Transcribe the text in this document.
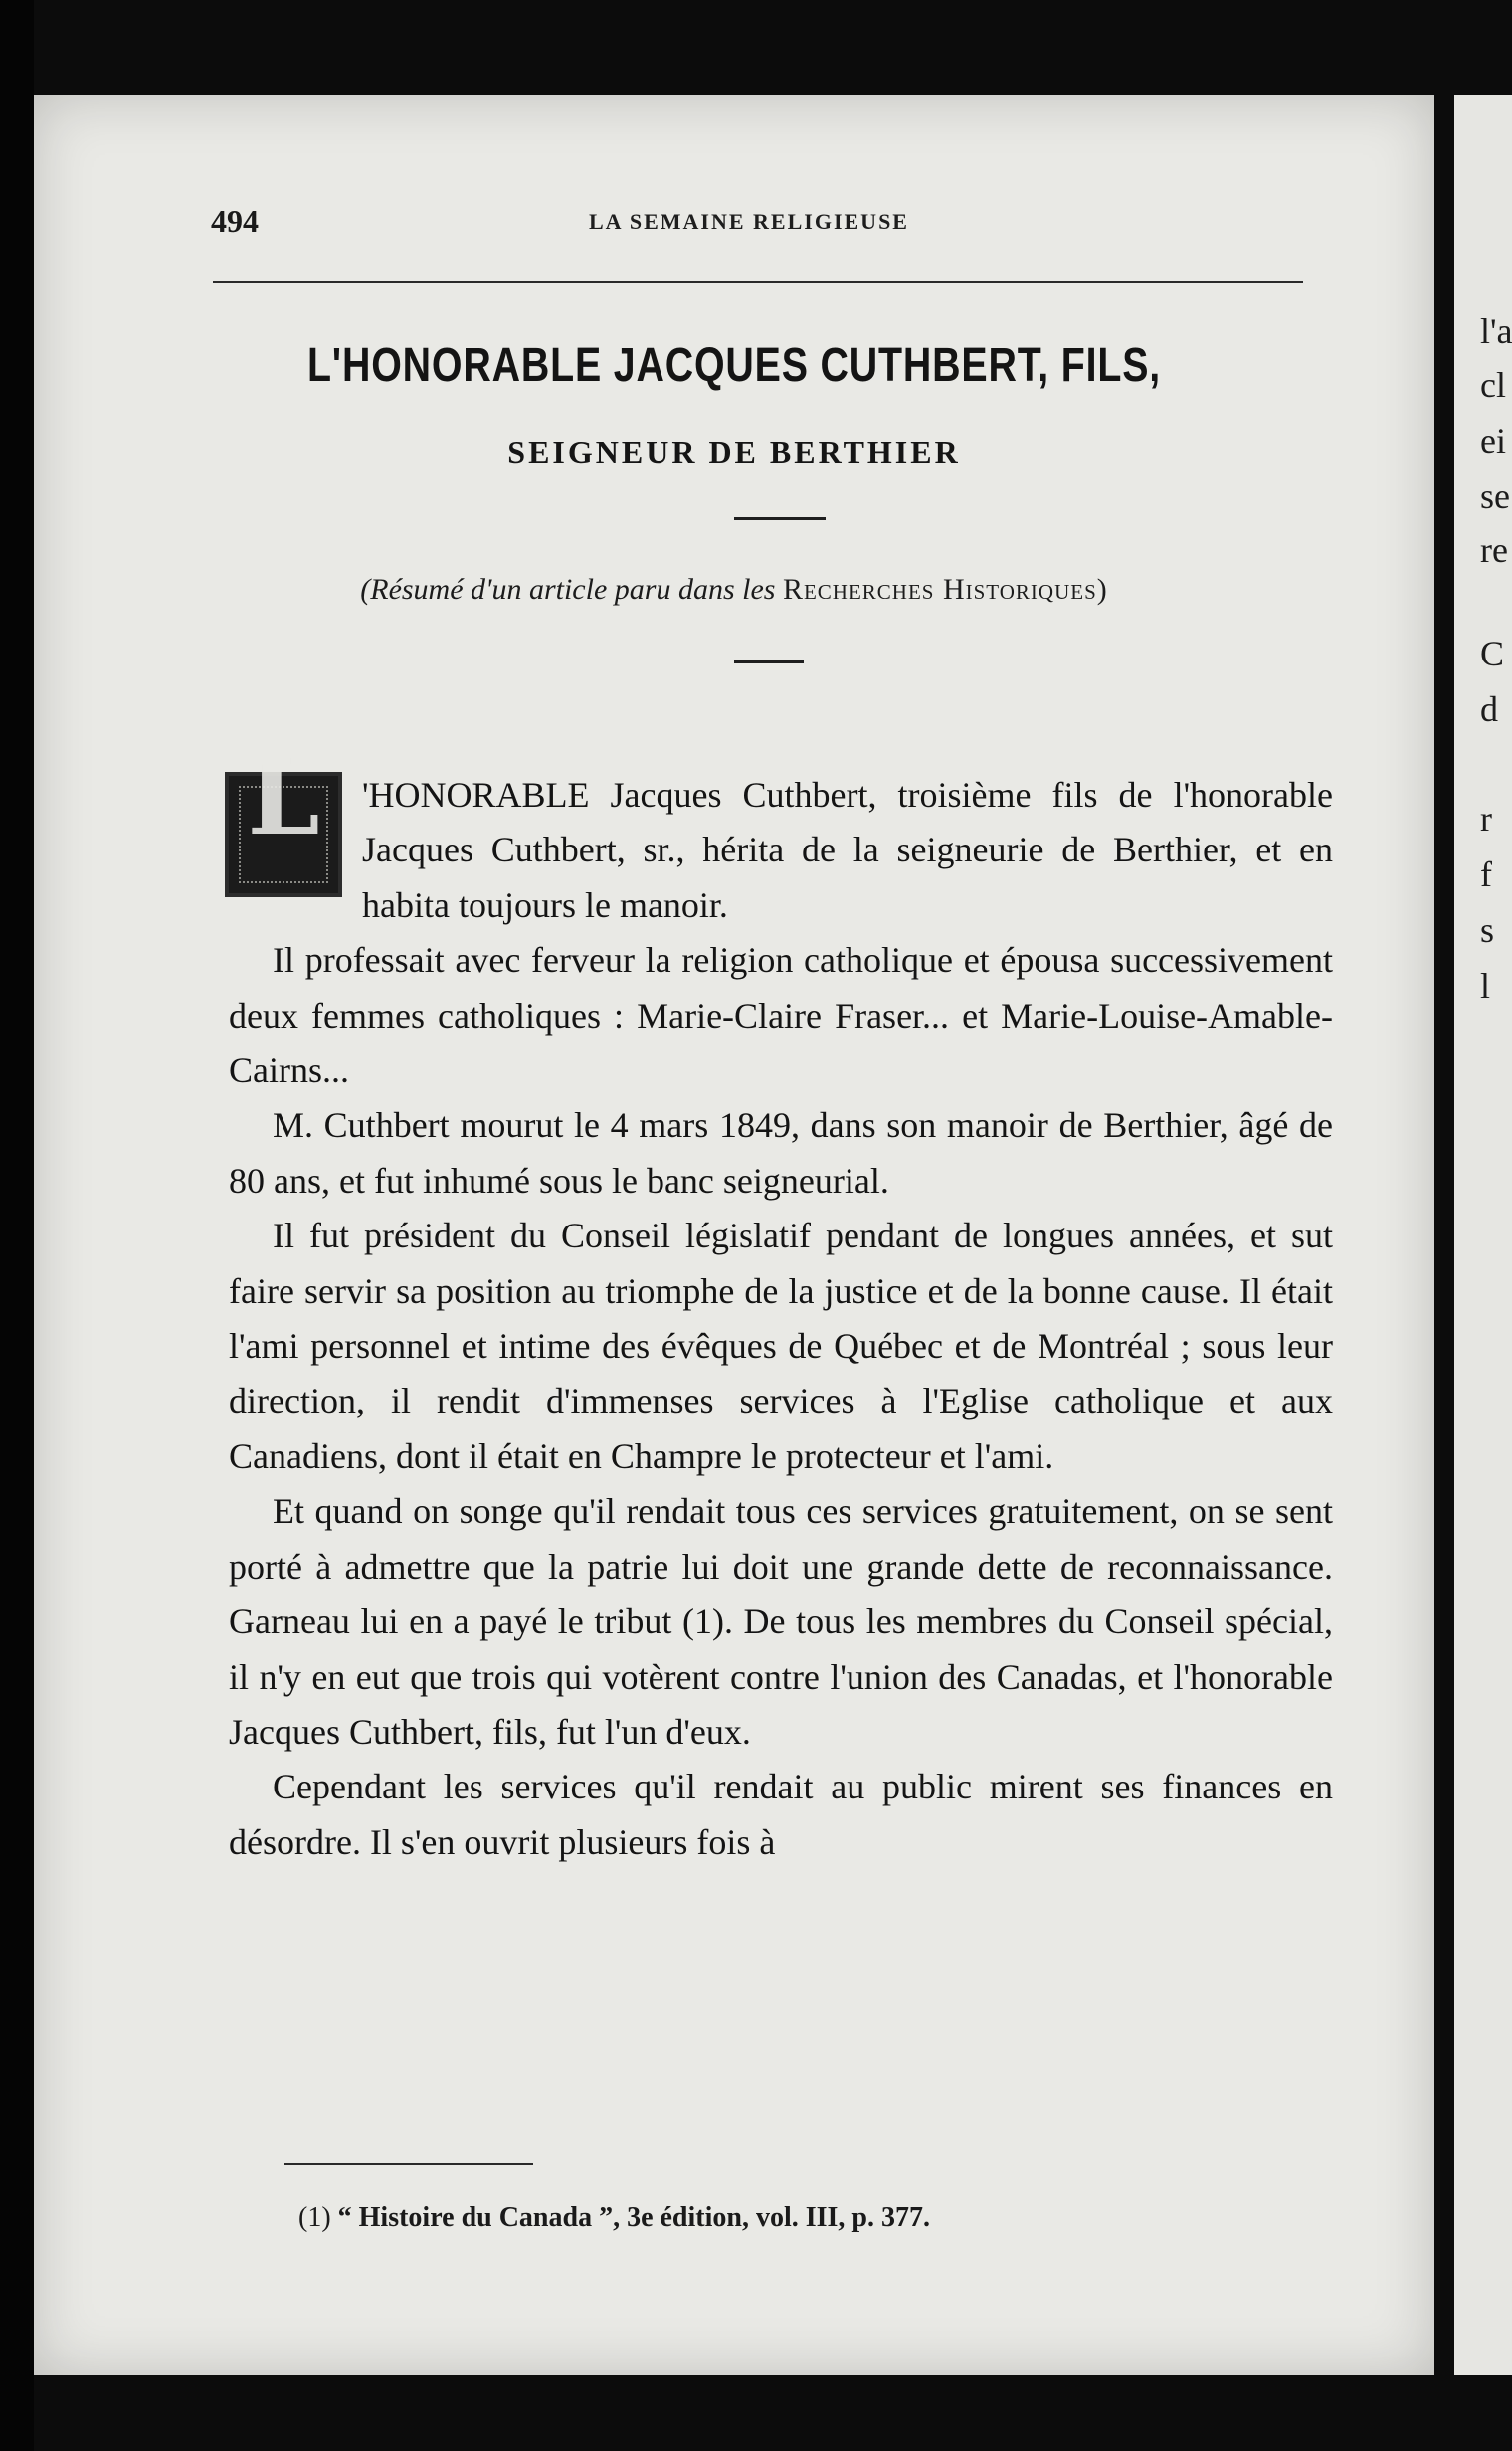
494	LA SEMAINE RELIGIEUSE
L'HONORABLE JACQUES CUTHBERT, FILS,
SEIGNEUR DE BERTHIER
(Résumé d'un article paru dans les Recherches Historiques)

L	'HONORABLE Jacques Cuthbert, troisième fils de l'honorable Jacques Cuthbert, sr., hérita de la seigneurie de Berthier, et en habita toujours le manoir.

Il professait avec ferveur la religion catholique et épousa successivement deux femmes catholiques : Marie-Claire Fraser... et Marie-Louise-Amable-Cairns...

M. Cuthbert mourut le 4 mars 1849, dans son manoir de Berthier, âgé de 80 ans, et fut inhumé sous le banc seigneurial.

Il fut président du Conseil législatif pendant de longues années, et sut faire servir sa position au triomphe de la justice et de la bonne cause. Il était l'ami personnel et intime des évêques de Québec et de Montréal ; sous leur direction, il rendit d'immenses services à l'Eglise catholique et aux Canadiens, dont il était en Champre le protecteur et l'ami.

Et quand on songe qu'il rendait tous ces services gratuitement, on se sent porté à admettre que la patrie lui doit une grande dette de reconnaissance. Garneau lui en a payé le tribut (1). De tous les membres du Conseil spécial, il n'y en eut que trois qui votèrent contre l'union des Canadas, et l'honorable Jacques Cuthbert, fils, fut l'un d'eux.

Cependant les services qu'il rendait au public mirent ses finances en désordre. Il s'en ouvrit plusieurs fois à

(1) “ Histoire du Canada ”, 3e édition, vol. III, p. 377.
l'a
cl
ei
se
re
C
d
r
f
s
l
